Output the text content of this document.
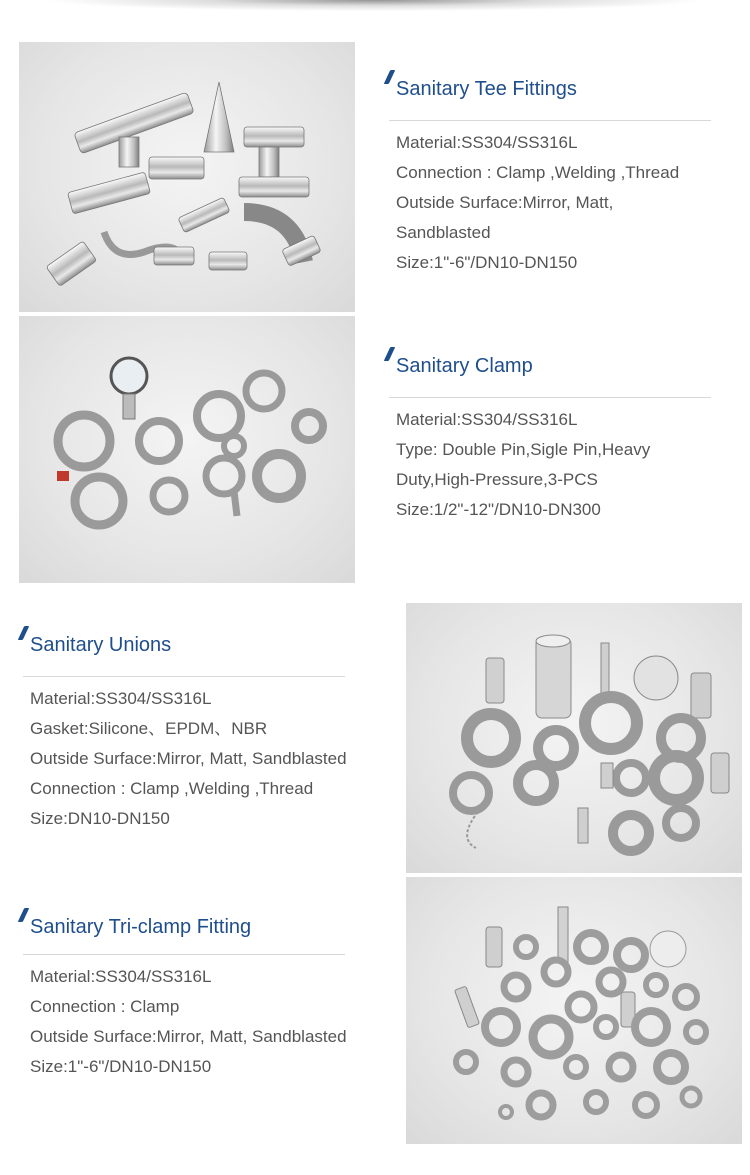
Sanitary Tee Fittings
Material:SS304/SS316L
Connection : Clamp ,Welding ,Thread
Outside Surface:Mirror, Matt,
Sandblasted
Size:1"-6"/DN10-DN150
Sanitary Clamp
Material:SS304/SS316L
Type: Double Pin,Sigle Pin,Heavy
Duty,High-Pressure,3-PCS
Size:1/2"-12"/DN10-DN300
Sanitary Unions
Material:SS304/SS316L
Gasket:Silicone、EPDM、NBR
Outside Surface:Mirror, Matt, Sandblasted
Connection : Clamp ,Welding ,Thread
Size:DN10-DN150
Sanitary Tri-clamp Fitting
Material:SS304/SS316L
Connection : Clamp
Outside Surface:Mirror, Matt, Sandblasted
Size:1"-6"/DN10-DN150
